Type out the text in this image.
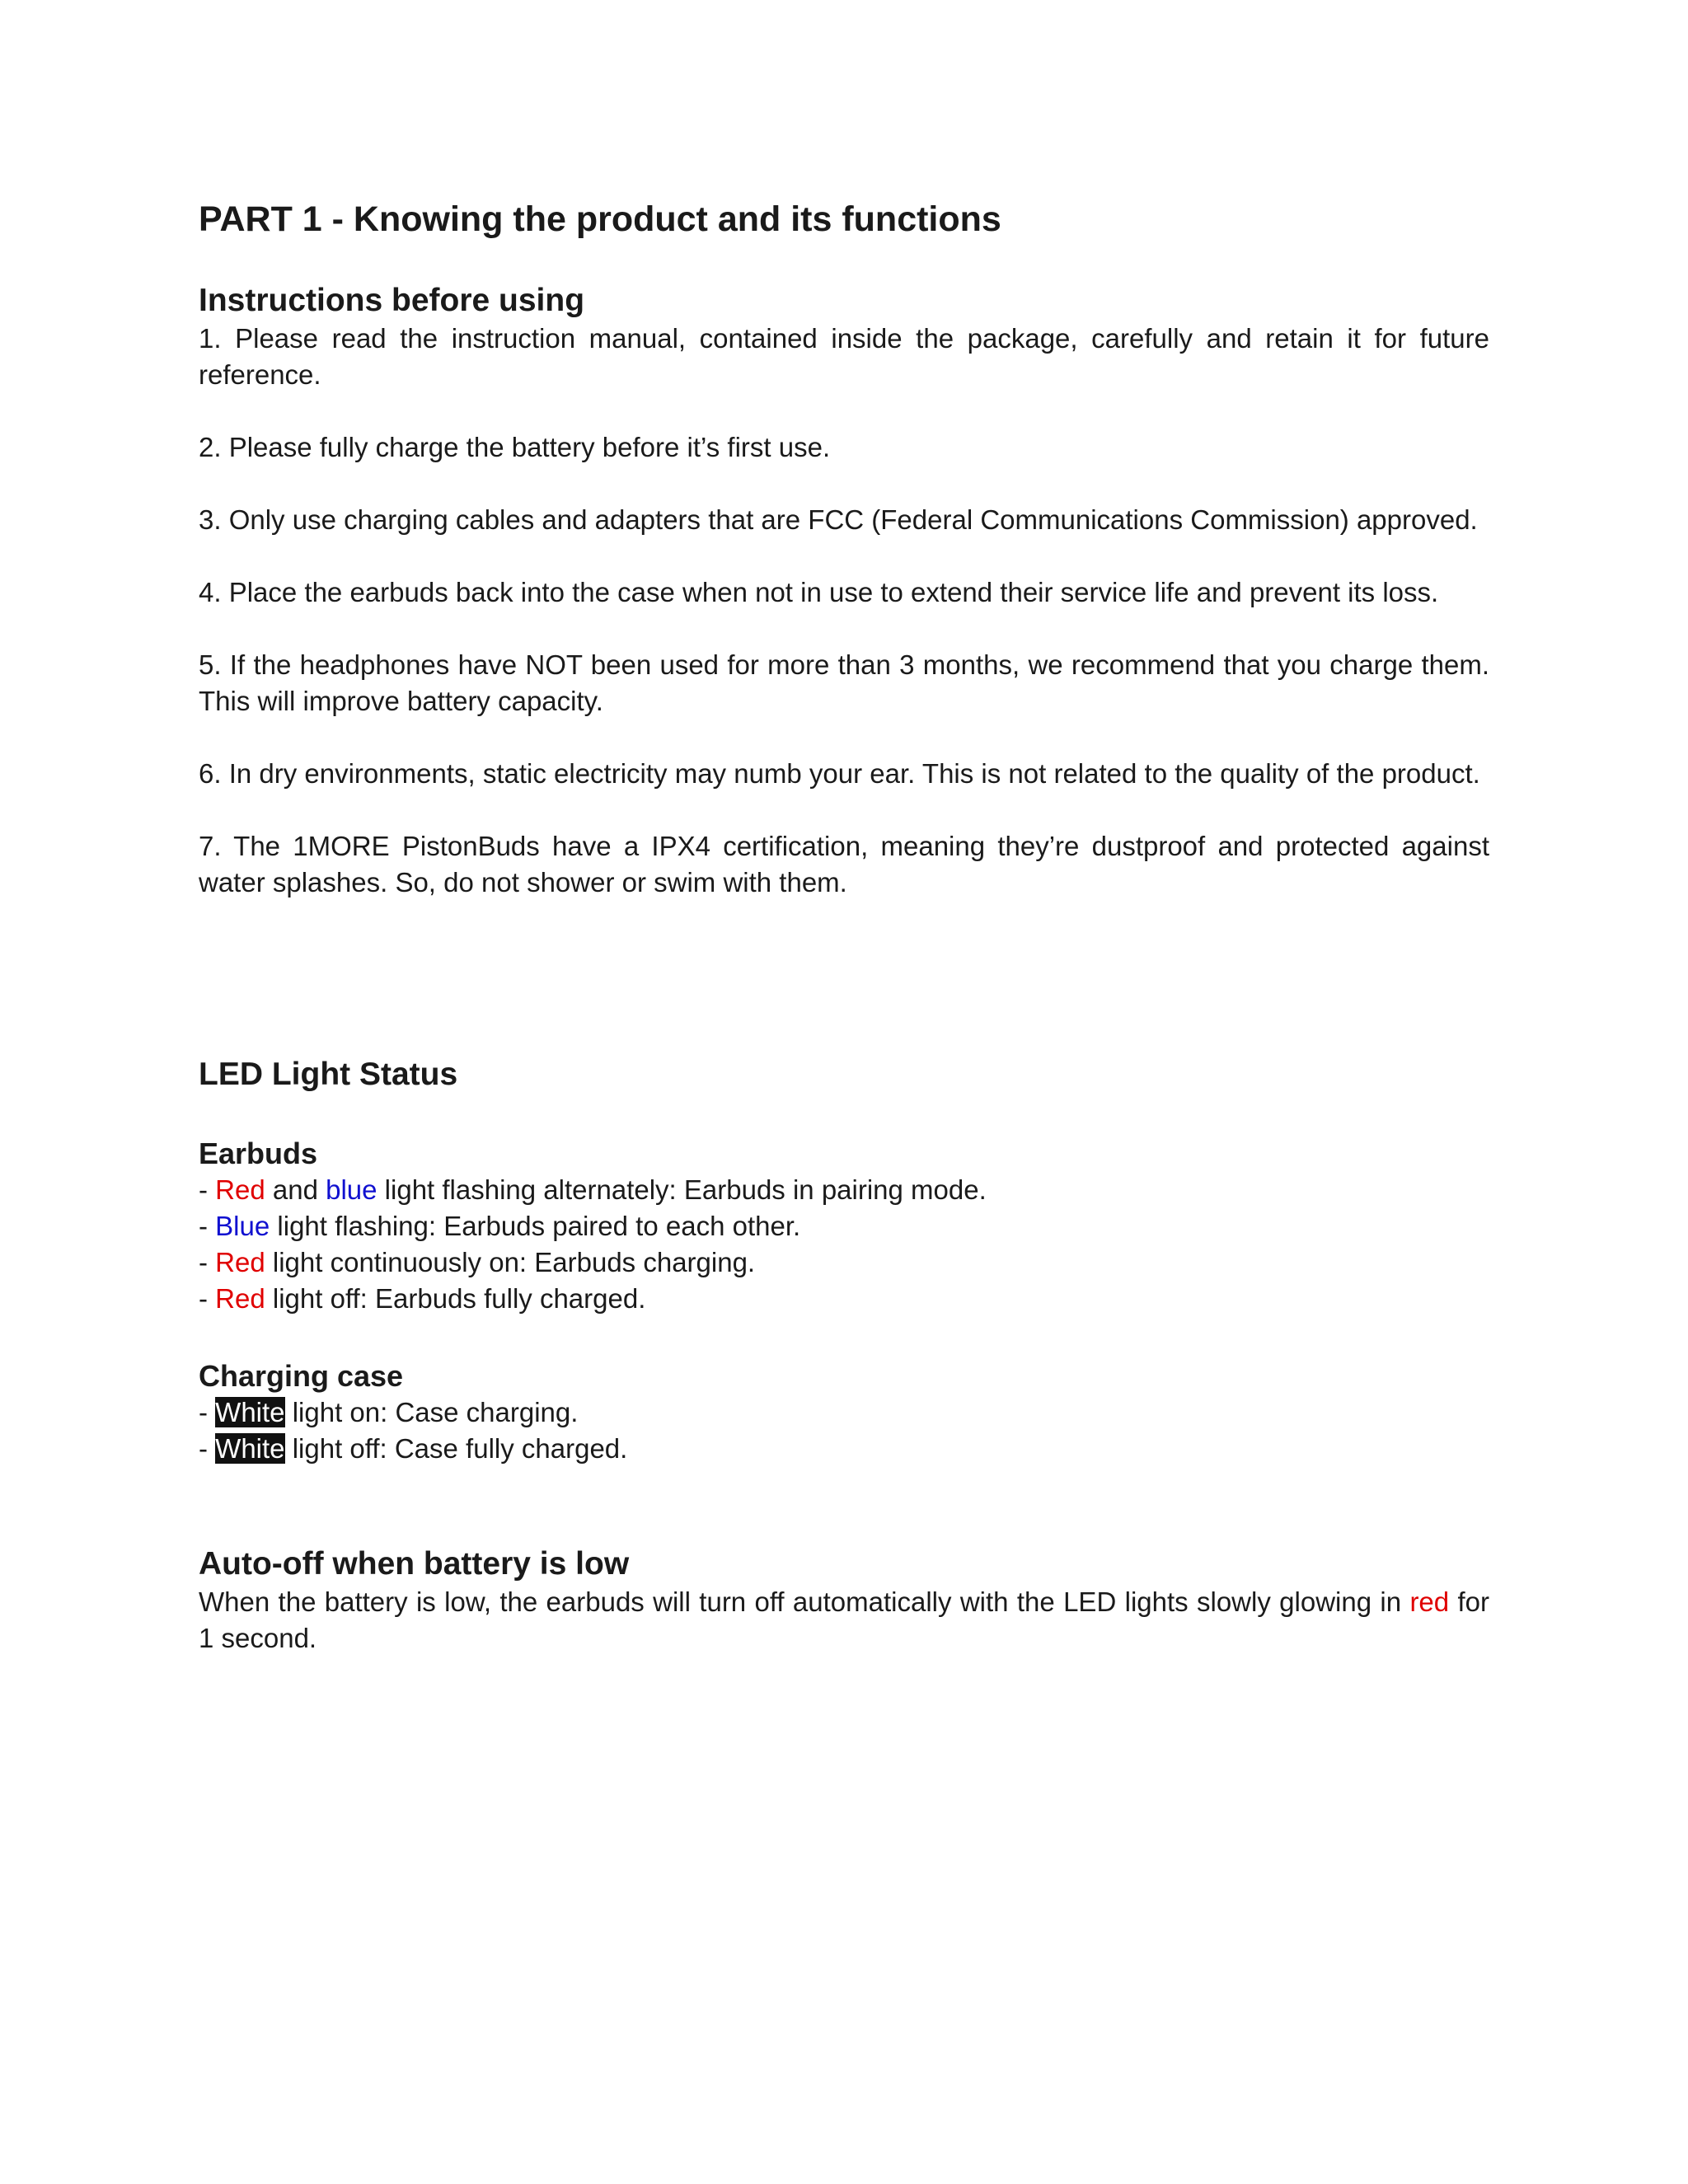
PART 1 - Knowing the product and its functions
Instructions before using

1. Please read the instruction manual, contained inside the package, carefully and retain it for future reference.

2. Please fully charge the battery before it’s first use.

3. Only use charging cables and adapters that are FCC (Federal Communications Commission) approved.

4. Place the earbuds back into the case when not in use to extend their service life and prevent its loss.

5. If the headphones have NOT been used for more than 3 months, we recommend that you charge them. This will improve battery capacity.

6. In dry environments, static electricity may numb your ear. This is not related to the quality of the product.

7. The 1MORE PistonBuds have a IPX4 certification, meaning they’re dustproof and protected against water splashes. So, do not shower or swim with them.

LED Light Status
Earbuds

- Red and blue light flashing alternately: Earbuds in pairing mode.

- Blue light flashing: Earbuds paired to each other.

- Red light continuously on: Earbuds charging.

- Red light off: Earbuds fully charged.

Charging case

- White light on: Case charging.

- White light off: Case fully charged.

Auto-off when battery is low

When the battery is low, the earbuds will turn off automatically with the LED lights slowly glowing in red for 1 second.
